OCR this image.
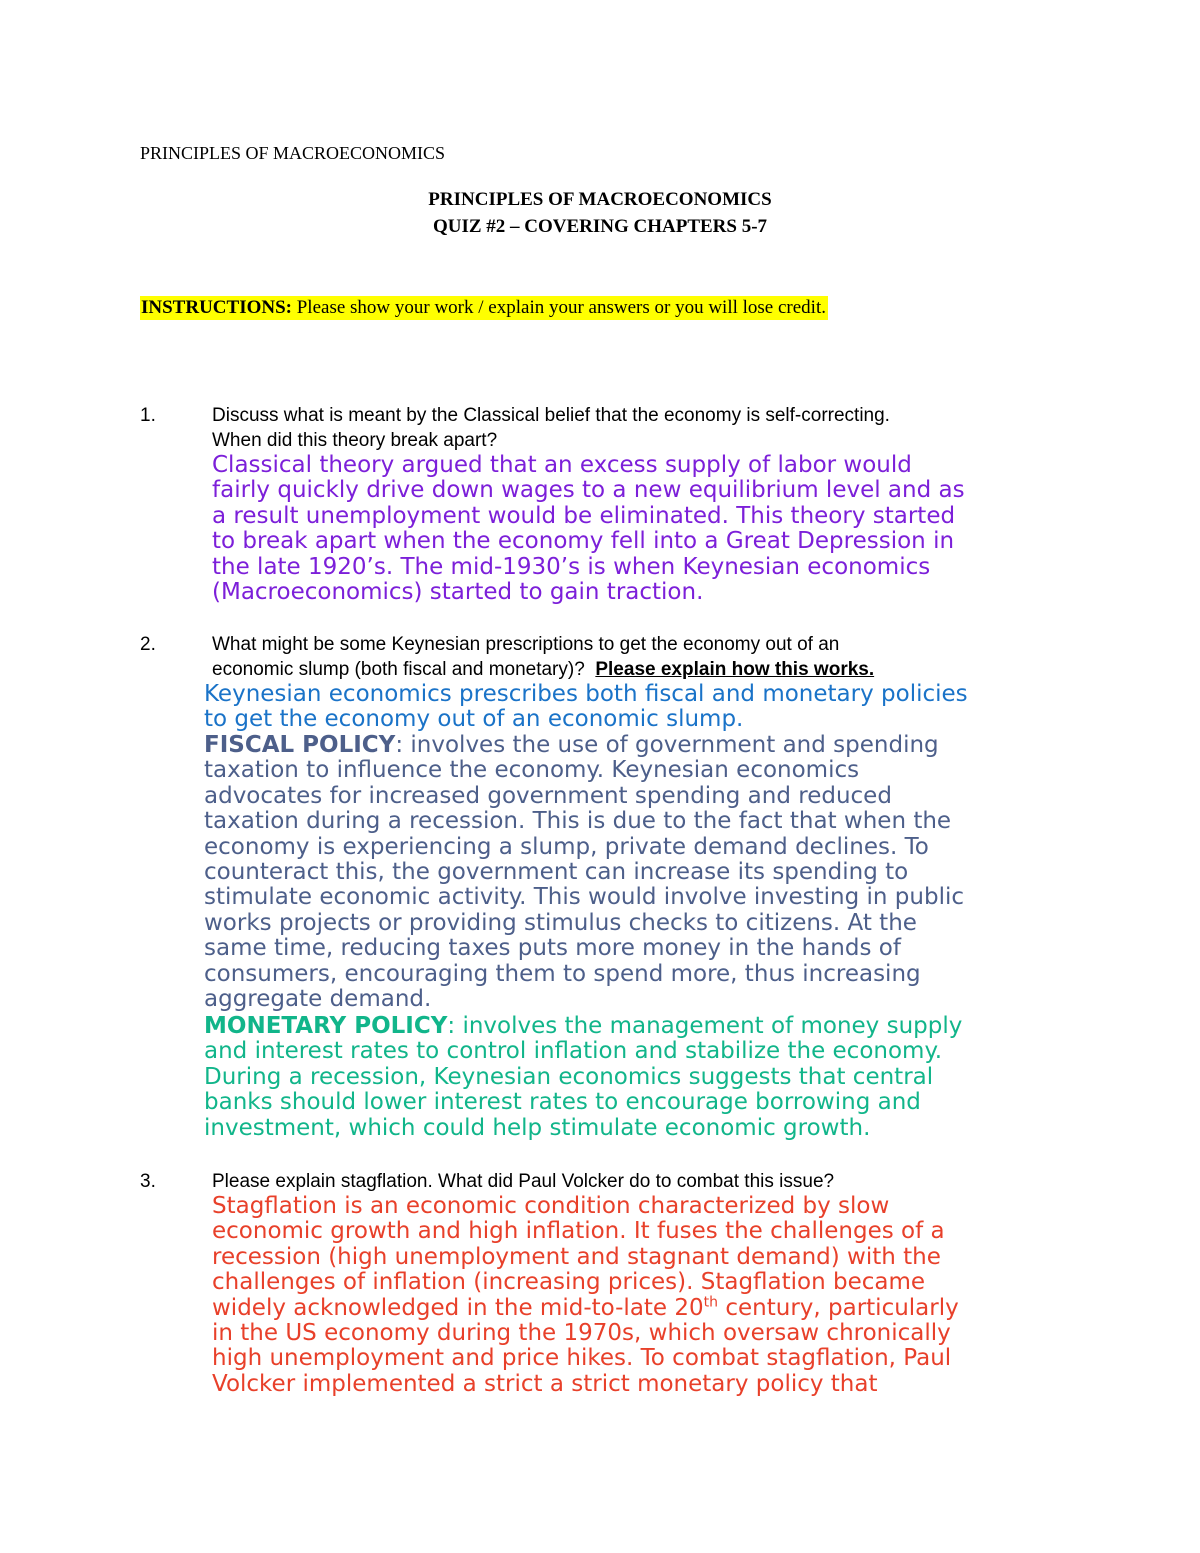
PRINCIPLES OF MACROECONOMICS
PRINCIPLES OF MACROECONOMICS
QUIZ #2 – COVERING CHAPTERS 5-7
INSTRUCTIONS: Please show your work / explain your answers or you will lose credit.
1.	Discuss what is meant by the Classical belief that the economy is self-correcting.
When did this theory break apart?
Classical theory argued that an excess supply of labor would
fairly quickly drive down wages to a new equilibrium level and as
a result unemployment would be eliminated. This theory started
to break apart when the economy fell into a Great Depression in
the late 1920’s. The mid-1930’s is when Keynesian economics
(Macroeconomics) started to gain traction.
2.	What might be some Keynesian prescriptions to get the economy out of an
economic slump (both fiscal and monetary)? Please explain how this works.
Keynesian economics prescribes both fiscal and monetary policies
to get the economy out of an economic slump.
FISCAL POLICY: involves the use of government and spending
taxation to influence the economy. Keynesian economics
advocates for increased government spending and reduced
taxation during a recession. This is due to the fact that when the
economy is experiencing a slump, private demand declines. To
counteract this, the government can increase its spending to
stimulate economic activity. This would involve investing in public
works projects or providing stimulus checks to citizens. At the
same time, reducing taxes puts more money in the hands of
consumers, encouraging them to spend more, thus increasing
aggregate demand.
MONETARY POLICY: involves the management of money supply
and interest rates to control inflation and stabilize the economy.
During a recession, Keynesian economics suggests that central
banks should lower interest rates to encourage borrowing and
investment, which could help stimulate economic growth.
3.	Please explain stagflation. What did Paul Volcker do to combat this issue?
Stagflation is an economic condition characterized by slow
economic growth and high inflation. It fuses the challenges of a
recession (high unemployment and stagnant demand) with the
challenges of inflation (increasing prices). Stagflation became
widely acknowledged in the mid-to-late 20th century, particularly
in the US economy during the 1970s, which oversaw chronically
high unemployment and price hikes. To combat stagflation, Paul
Volcker implemented a strict a strict monetary policy that
